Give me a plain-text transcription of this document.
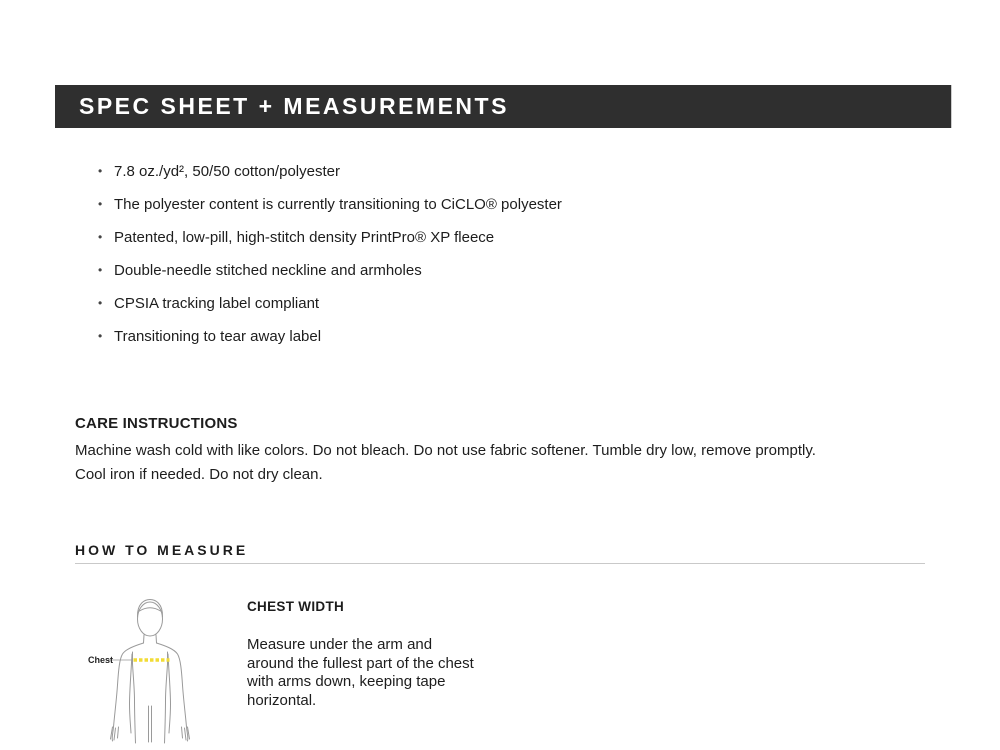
SPEC SHEET + MEASUREMENTS
• 7.8 oz./yd², 50/50 cotton/polyester
• The polyester content is currently transitioning to CiCLO® polyester
• Patented, low-pill, high-stitch density PrintPro® XP fleece
• Double-needle stitched neckline and armholes
• CPSIA tracking label compliant
• Transitioning to tear away label
CARE INSTRUCTIONS
Machine wash cold with like colors. Do not bleach. Do not use fabric softener. Tumble dry low, remove promptly.
Cool iron if needed. Do not dry clean.
HOW TO MEASURE
Chest
CHEST WIDTH
Measure under the arm and
around the fullest part of the chest
with arms down, keeping tape
horizontal.
